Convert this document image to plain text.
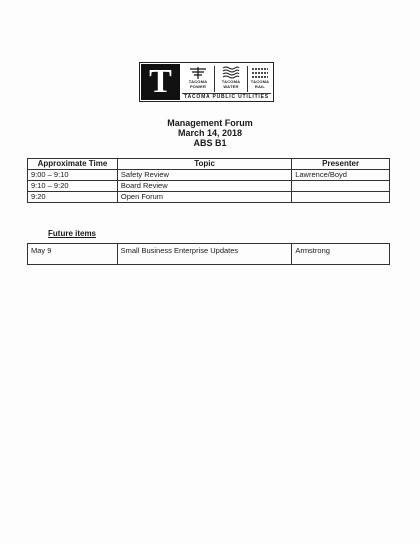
T	TACOMA
POWER
TACOMA
WATER
TACOMA
RAIL
TACOMA PUBLIC UTILITIES
Management Forum
March 14, 2018
ABS B1
Approximate Time	Topic	Presenter
9:00 – 9:10	Safety Review	Lawrence/Boyd
9:10 – 9:20	Board Review	
9:20	Open Forum	
Future items
May 9	Small Business Enterprise Updates	Armstrong
